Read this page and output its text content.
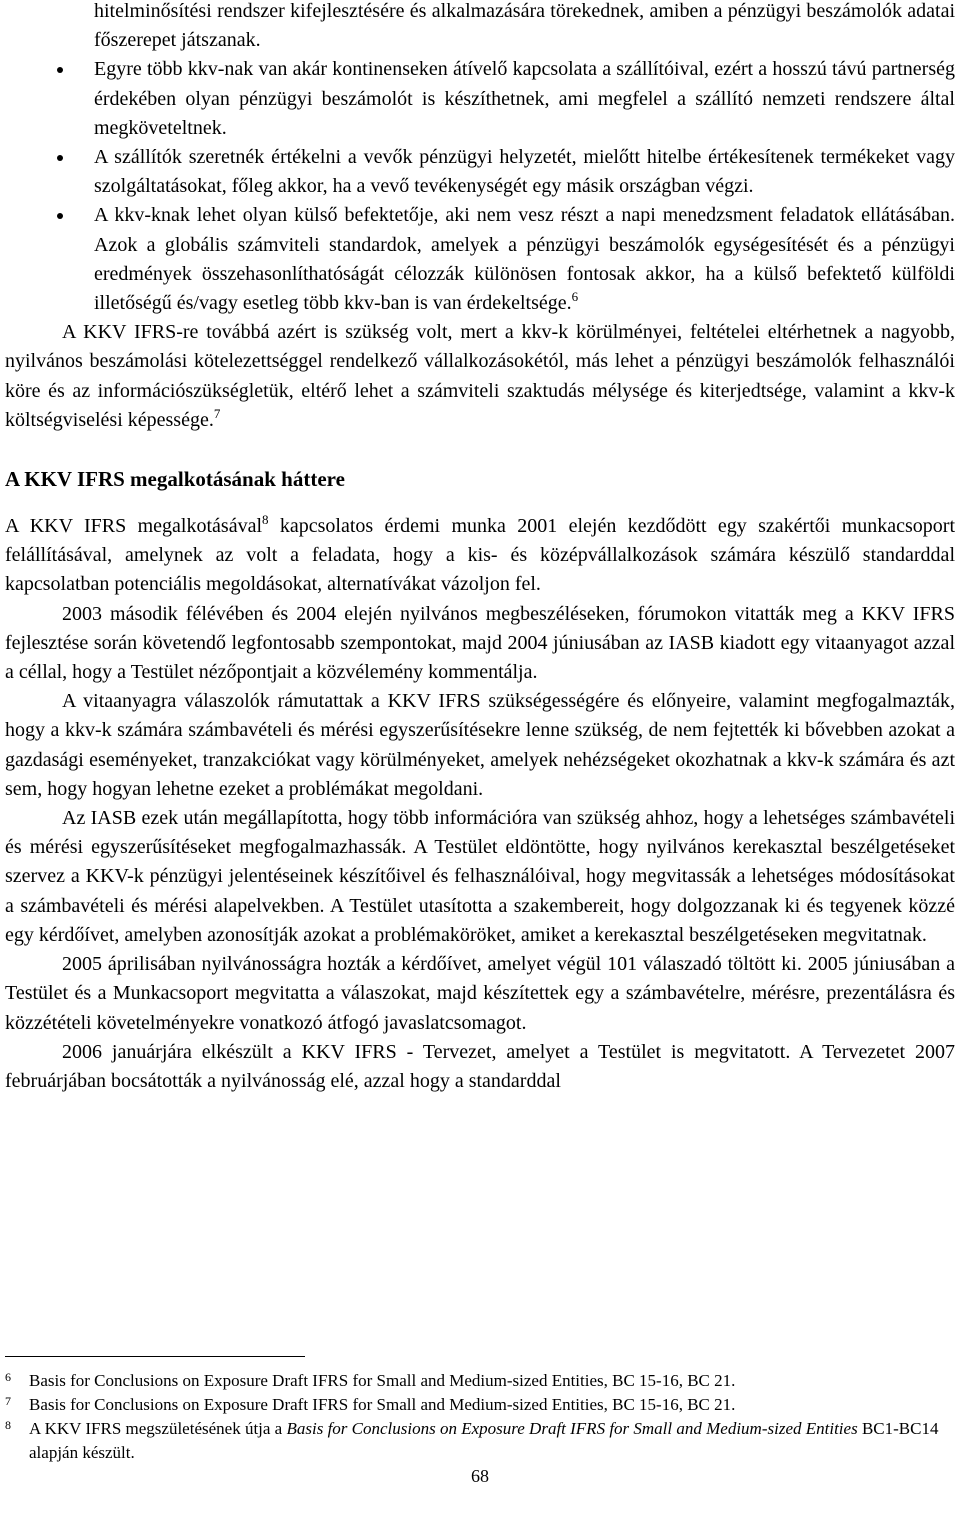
hitelminősítési rendszer kifejlesztésére és alkalmazására törekednek, amiben a pénzügyi beszámolók adatai főszerepet játszanak.

Egyre több kkv-nak van akár kontinenseken átívelő kapcsolata a szállítóival, ezért a hosszú távú partnerség érdekében olyan pénzügyi beszámolót is készíthetnek, ami megfelel a szállító nemzeti rendszere által megköveteltnek.
A szállítók szeretnék értékelni a vevők pénzügyi helyzetét, mielőtt hitelbe értékesítenek termékeket vagy szolgáltatásokat, főleg akkor, ha a vevő tevékenységét egy másik országban végzi.
A kkv-knak lehet olyan külső befektetője, aki nem vesz részt a napi menedzsment feladatok ellátásában. Azok a globális számviteli standardok, amelyek a pénzügyi beszámolók egységesítését és a pénzügyi eredmények összehasonlíthatóságát célozzák különösen fontosak akkor, ha a külső befektető külföldi illetőségű és/vagy esetleg több kkv-ban is van érdekeltsége.$^6$

A KKV IFRS-re továbbá azért is szükség volt, mert a kkv-k körülményei, feltételei eltérhetnek a nagyobb, nyilvános beszámolási kötelezettséggel rendelkező vállalkozásokétól, más lehet a pénzügyi beszámolók felhasználói köre és az információszükségletük, eltérő lehet a számviteli szaktudás mélysége és kiterjedtsége, valamint a kkv-k költségviselési képessége.$^7$

A KKV IFRS megalkotásának háttere

A KKV IFRS megalkotásával$^8$ kapcsolatos érdemi munka 2001 elején kezdődött egy szakértői munkacsoport felállításával, amelynek az volt a feladata, hogy a kis- és középvállalkozások számára készülő standarddal kapcsolatban potenciális megoldásokat, alternatívákat vázoljon fel.

2003 második félévében és 2004 elején nyilvános megbeszéléseken, fórumokon vitatták meg a KKV IFRS fejlesztése során követendő legfontosabb szempontokat, majd 2004 júniusában az IASB kiadott egy vitaanyagot azzal a céllal, hogy a Testület nézőpontjait a közvélemény kommentálja.

A vitaanyagra válaszolók rámutattak a KKV IFRS szükségességére és előnyeire, valamint megfogalmazták, hogy a kkv-k számára számbavételi és mérési egyszerűsítésekre lenne szükség, de nem fejtették ki bővebben azokat a gazdasági eseményeket, tranzakciókat vagy körülményeket, amelyek nehézségeket okozhatnak a kkv-k számára és azt sem, hogy hogyan lehetne ezeket a problémákat megoldani.

Az IASB ezek után megállapította, hogy több információra van szükség ahhoz, hogy a lehetséges számbavételi és mérési egyszerűsítéseket megfogalmazhassák. A Testület eldöntötte, hogy nyilvános kerekasztal beszélgetéseket szervez a KKV-k pénzügyi jelentéseinek készítőivel és felhasználóival, hogy megvitassák a lehetséges módosításokat a számbavételi és mérési alapelvekben. A Testület utasította a szakembereit, hogy dolgozzanak ki és tegyenek közzé egy kérdőívet, amelyben azonosítják azokat a problémaköröket, amiket a kerekasztal beszélgetéseken megvitatnak.

2005 áprilisában nyilvánosságra hozták a kérdőívet, amelyet végül 101 válaszadó töltött ki. 2005 júniusában a Testület és a Munkacsoport megvitatta a válaszokat, majd készítettek egy a számbavételre, mérésre, prezentálásra és közzétételi követelményekre vonatkozó átfogó javaslatcsomagot.

2006 januárjára elkészült a KKV IFRS - Tervezet, amelyet a Testület is megvitatott. A Tervezetet 2007 februárjában bocsátották a nyilvánosság elé, azzal hogy a standarddal

6 Basis for Conclusions on Exposure Draft IFRS for Small and Medium-sized Entities, BC 15-16, BC 21.
7 Basis for Conclusions on Exposure Draft IFRS for Small and Medium-sized Entities, BC 15-16, BC 21.
8 A KKV IFRS megszületésének útja a Basis for Conclusions on Exposure Draft IFRS for Small and Medium-sized Entities BC1-BC14 alapján készült.
68
